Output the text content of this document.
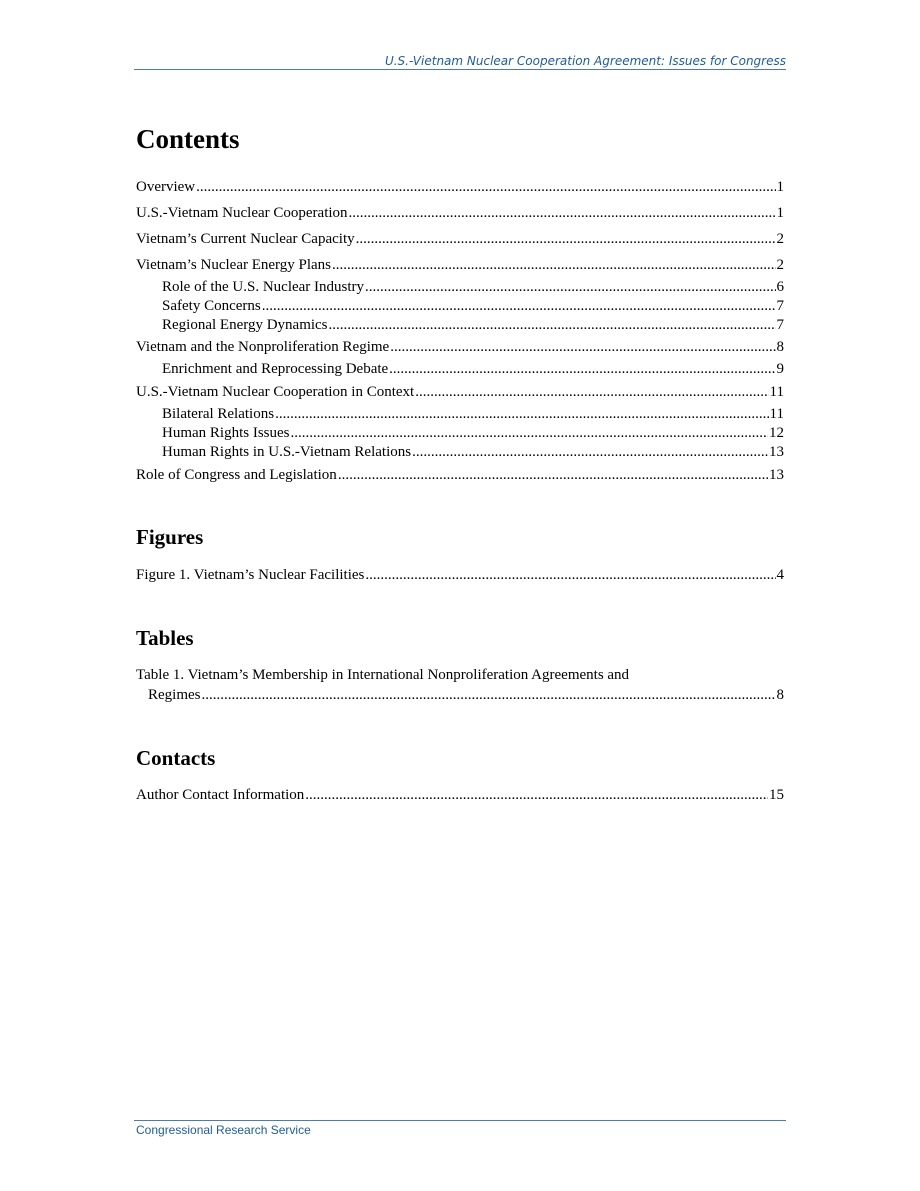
U.S.-Vietnam Nuclear Cooperation Agreement: Issues for Congress
Contents
Overview .....	1
U.S.-Vietnam Nuclear Cooperation .....	1
Vietnam’s Current Nuclear Capacity .....	2
Vietnam’s Nuclear Energy Plans .....	2
Role of the U.S. Nuclear Industry .....	6
Safety Concerns .....	7
Regional Energy Dynamics .....	7
Vietnam and the Nonproliferation Regime .....	8
Enrichment and Reprocessing Debate .....	9
U.S.-Vietnam Nuclear Cooperation in Context .....	11
Bilateral Relations .....	11
Human Rights Issues .....	12
Human Rights in U.S.-Vietnam Relations .....	13
Role of Congress and Legislation .....	13
Figures
Figure 1. Vietnam’s Nuclear Facilities .....	4
Tables
Table 1. Vietnam’s Membership in International Nonproliferation Agreements and
Regimes .....	8
Contacts
Author Contact Information .....	15
Congressional Research Service
